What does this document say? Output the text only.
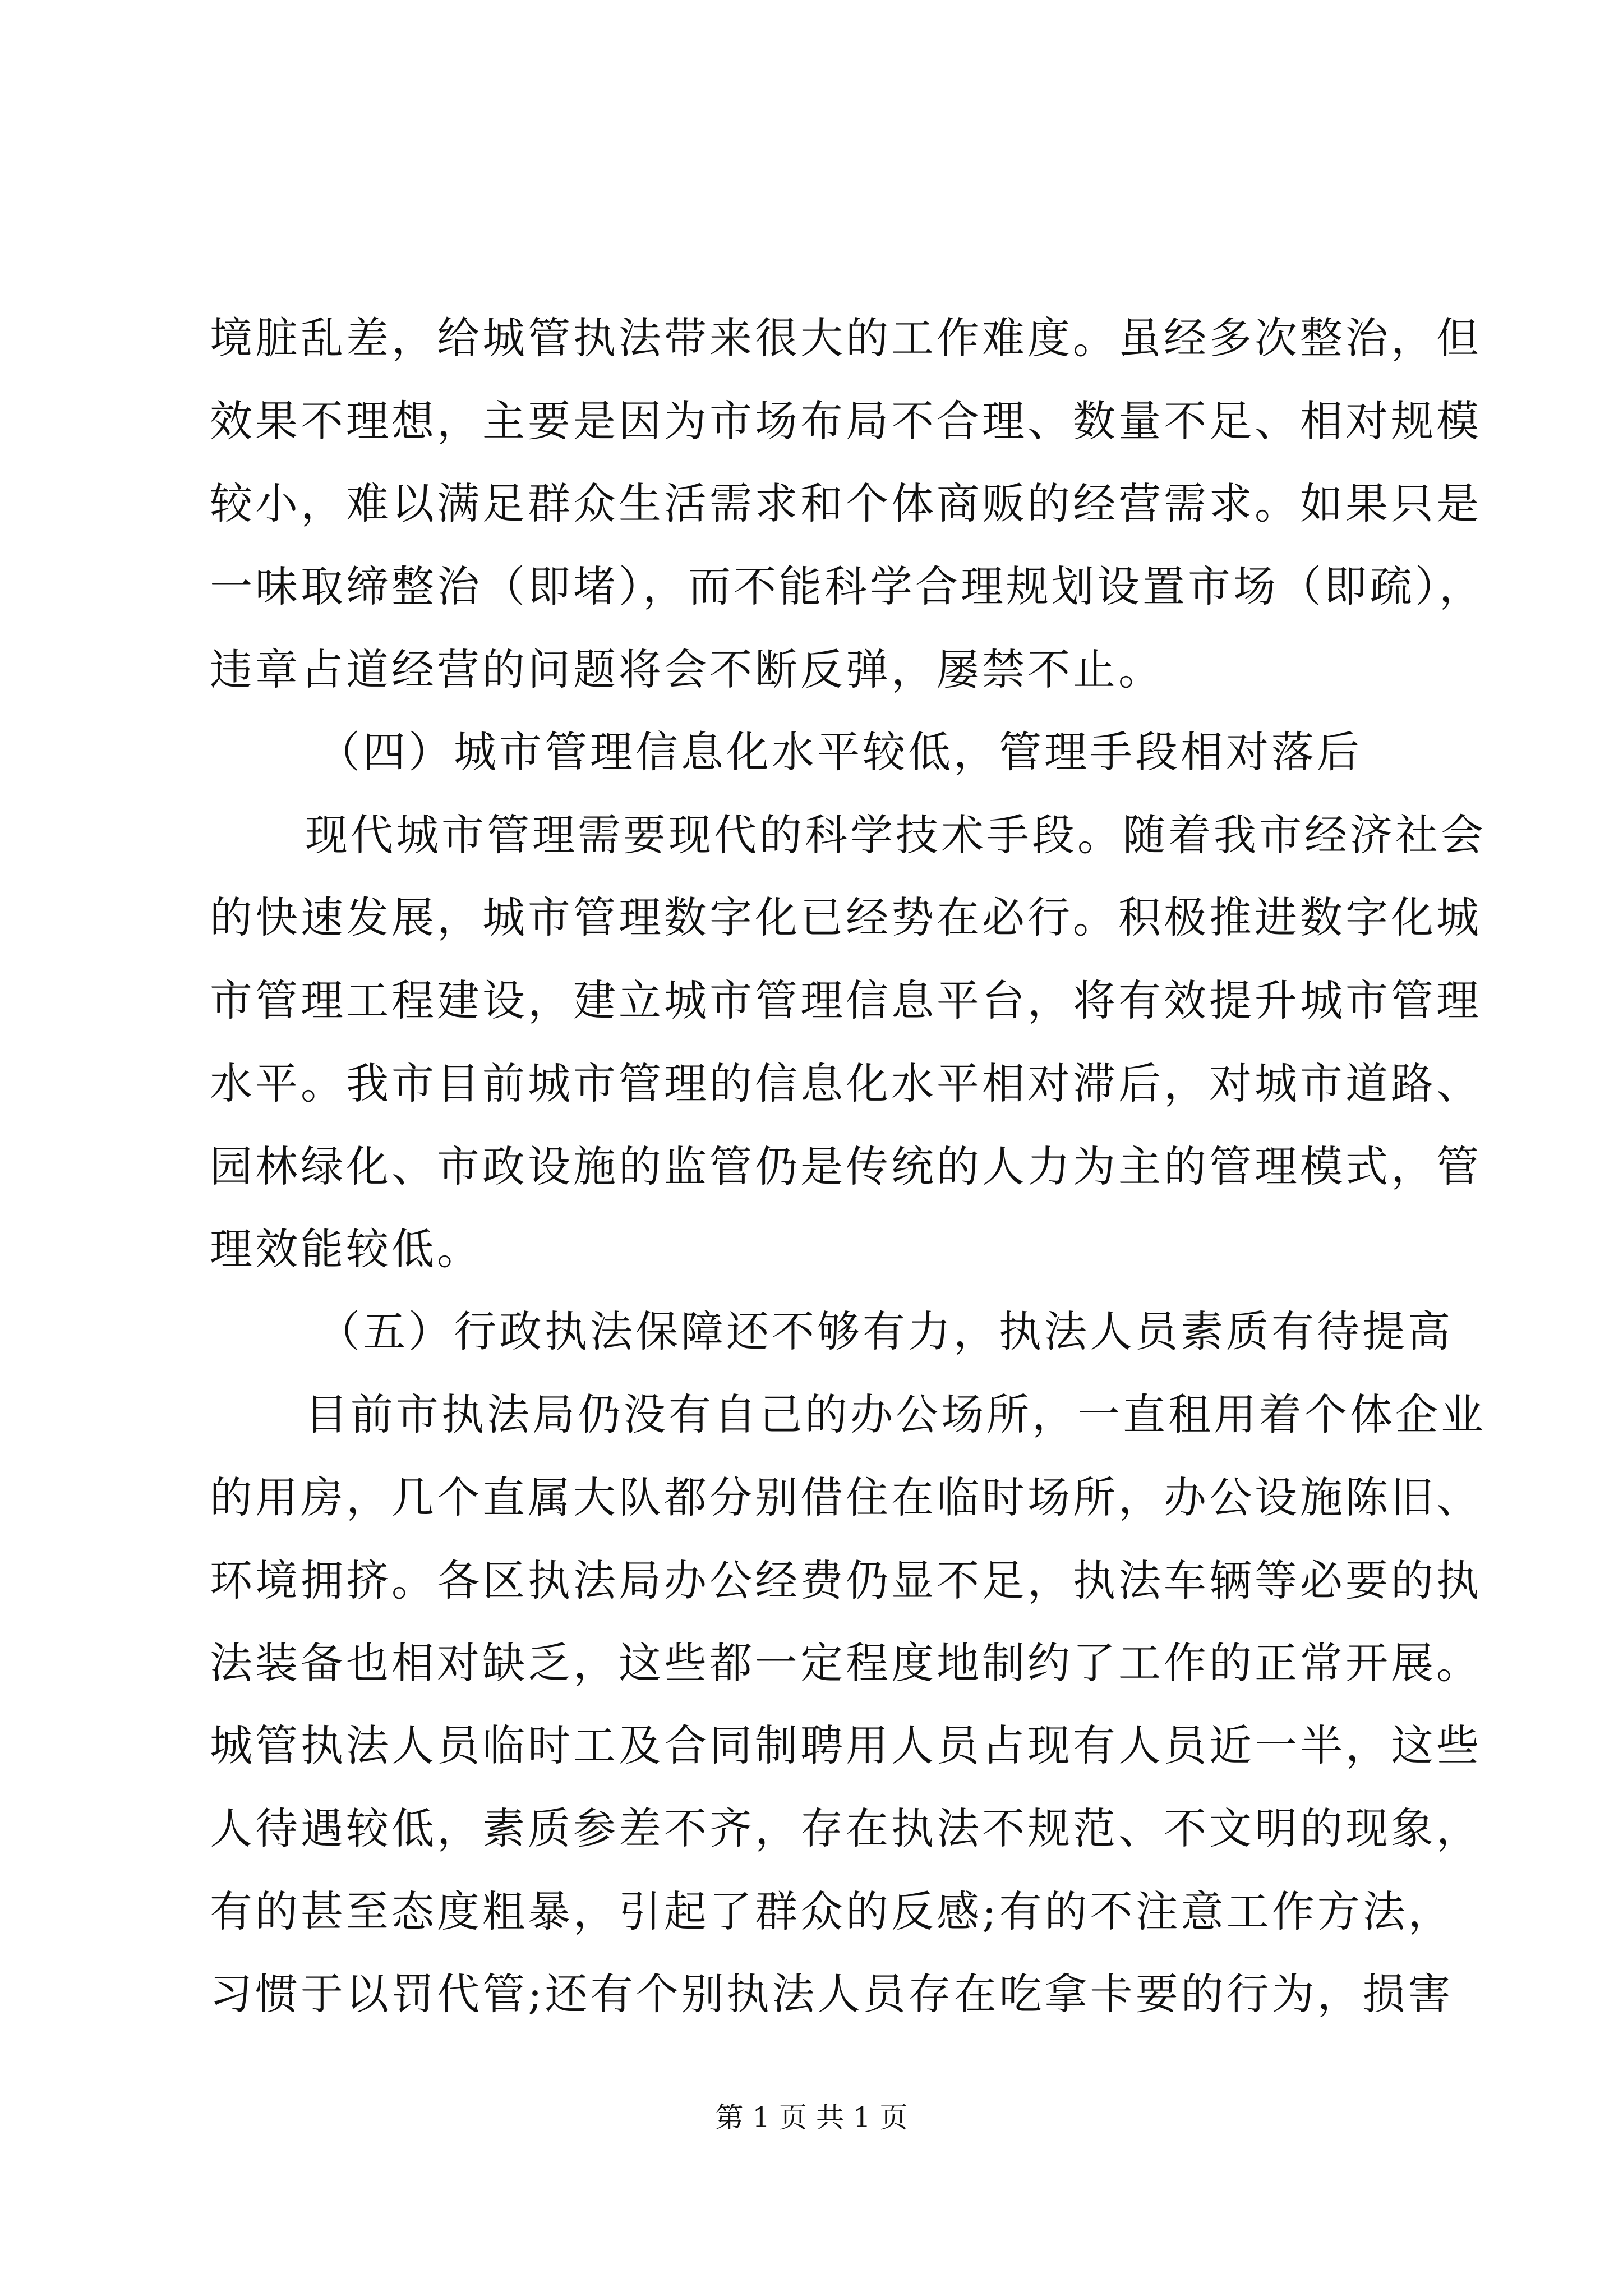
境脏乱差，给城管执法带来很大的工作难度。虽经多次整治，但
效果不理想，主要是因为市场布局不合理、数量不足、相对规模
较小，难以满足群众生活需求和个体商贩的经营需求。如果只是
一味取缔整治（即堵），而不能科学合理规划设置市场（即疏），
违章占道经营的问题将会不断反弹，屡禁不止。
（四）城市管理信息化水平较低，管理手段相对落后
现代城市管理需要现代的科学技术手段。随着我市经济社会
的快速发展，城市管理数字化已经势在必行。积极推进数字化城
市管理工程建设，建立城市管理信息平台，将有效提升城市管理
水平。我市目前城市管理的信息化水平相对滞后，对城市道路、
园林绿化、市政设施的监管仍是传统的人力为主的管理模式，管
理效能较低。
（五）行政执法保障还不够有力，执法人员素质有待提高
目前市执法局仍没有自己的办公场所，一直租用着个体企业
的用房，几个直属大队都分别借住在临时场所，办公设施陈旧、
环境拥挤。各区执法局办公经费仍显不足，执法车辆等必要的执
法装备也相对缺乏，这些都一定程度地制约了工作的正常开展。
城管执法人员临时工及合同制聘用人员占现有人员近一半，这些
人待遇较低，素质参差不齐，存在执法不规范、不文明的现象，
有的甚至态度粗暴，引起了群众的反感;有的不注意工作方法，
习惯于以罚代管;还有个别执法人员存在吃拿卡要的行为，损害
第 1 页 共 1 页
